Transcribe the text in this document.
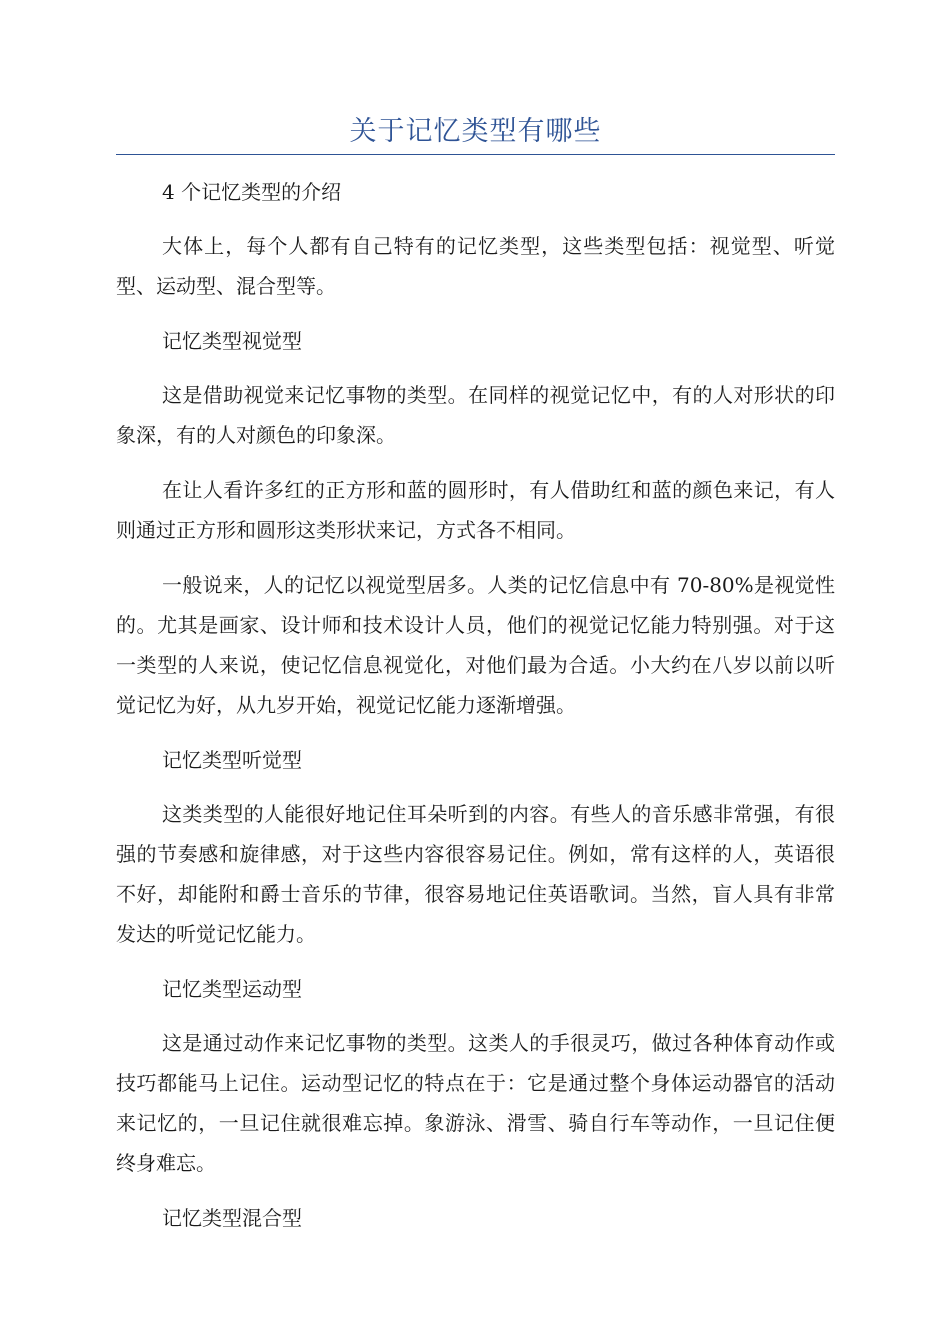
关于记忆类型有哪些

4 个记忆类型的介绍

大体上，每个人都有自己特有的记忆类型，这些类型包括：视觉型、听觉型、运动型、混合型等。

记忆类型视觉型

这是借助视觉来记忆事物的类型。在同样的视觉记忆中，有的人对形状的印象深，有的人对颜色的印象深。

在让人看许多红的正方形和蓝的圆形时，有人借助红和蓝的颜色来记，有人则通过正方形和圆形这类形状来记，方式各不相同。

一般说来，人的记忆以视觉型居多。人类的记忆信息中有 70-80%是视觉性的。尤其是画家、设计师和技术设计人员，他们的视觉记忆能力特别强。对于这一类型的人来说，使记忆信息视觉化，对他们最为合适。小大约在八岁以前以听觉记忆为好，从九岁开始，视觉记忆能力逐渐增强。

记忆类型听觉型

这类类型的人能很好地记住耳朵听到的内容。有些人的音乐感非常强，有很强的节奏感和旋律感，对于这些内容很容易记住。例如，常有这样的人，英语很不好，却能附和爵士音乐的节律，很容易地记住英语歌词。当然，盲人具有非常发达的听觉记忆能力。

记忆类型运动型

这是通过动作来记忆事物的类型。这类人的手很灵巧，做过各种体育动作或技巧都能马上记住。运动型记忆的特点在于：它是通过整个身体运动器官的活动来记忆的，一旦记住就很难忘掉。象游泳、滑雪、骑自行车等动作，一旦记住便终身难忘。

记忆类型混合型
